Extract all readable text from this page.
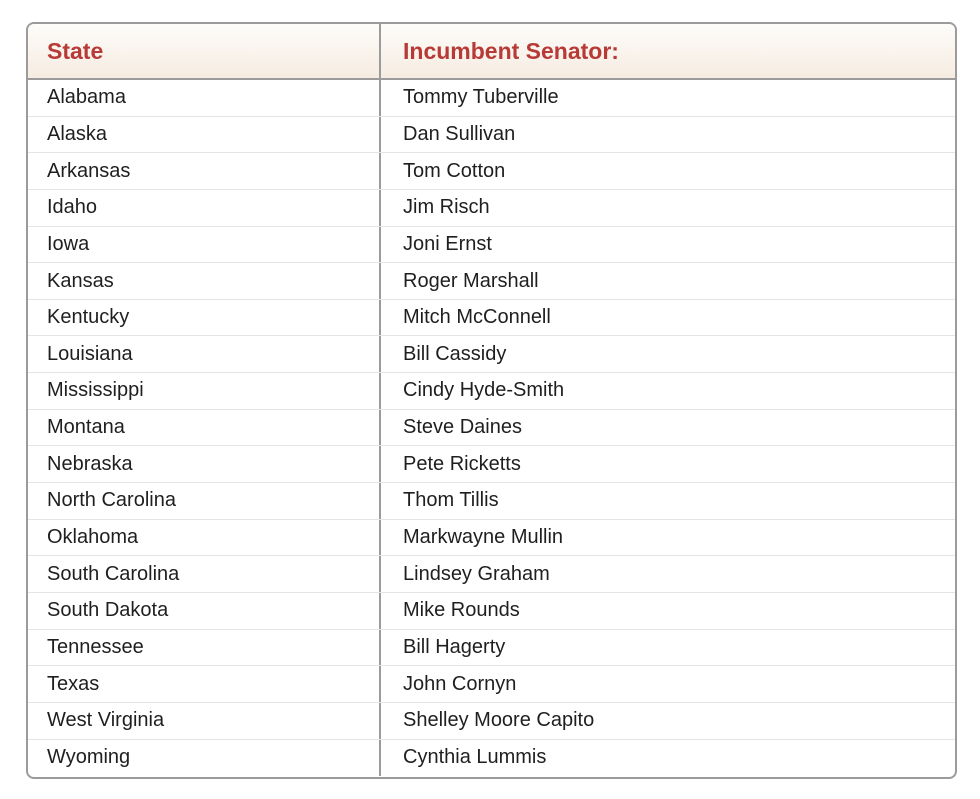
State	Incumbent Senator:
Alabama	Tommy Tuberville
Alaska	Dan Sullivan
Arkansas	Tom Cotton
Idaho	Jim Risch
Iowa	Joni Ernst
Kansas	Roger Marshall
Kentucky	Mitch McConnell
Louisiana	Bill Cassidy
Mississippi	Cindy Hyde-Smith
Montana	Steve Daines
Nebraska	Pete Ricketts
North Carolina	Thom Tillis
Oklahoma	Markwayne Mullin
South Carolina	Lindsey Graham
South Dakota	Mike Rounds
Tennessee	Bill Hagerty
Texas	John Cornyn
West Virginia	Shelley Moore Capito
Wyoming	Cynthia Lummis
